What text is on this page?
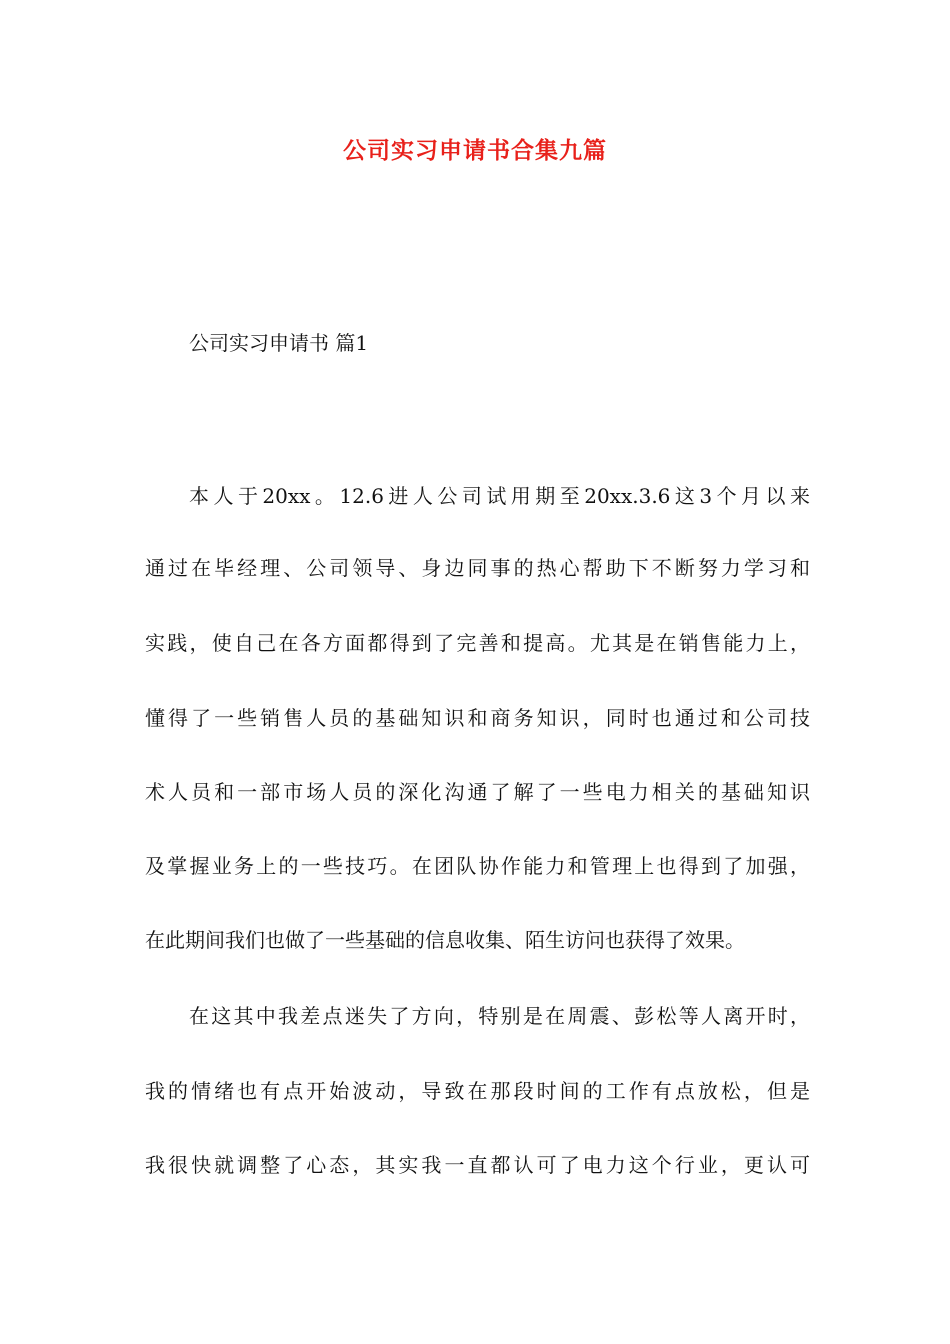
公司实习申请书合集九篇
公司实习申请书 篇1
本人于20xx。12.6进人公司试用期至20xx.3.6这3个月以来
通过在毕经理、公司领导、身边同事的热心帮助下不断努力学习和
实践，使自己在各方面都得到了完善和提高。尤其是在销售能力上，
懂得了一些销售人员的基础知识和商务知识，同时也通过和公司技
术人员和一部市场人员的深化沟通了解了一些电力相关的基础知识
及掌握业务上的一些技巧。在团队协作能力和管理上也得到了加强，
在此期间我们也做了一些基础的信息收集、陌生访问也获得了效果。
在这其中我差点迷失了方向，特别是在周震、彭松等人离开时，
我的情绪也有点开始波动，导致在那段时间的工作有点放松，但是
我很快就调整了心态，其实我一直都认可了电力这个行业，更认可
